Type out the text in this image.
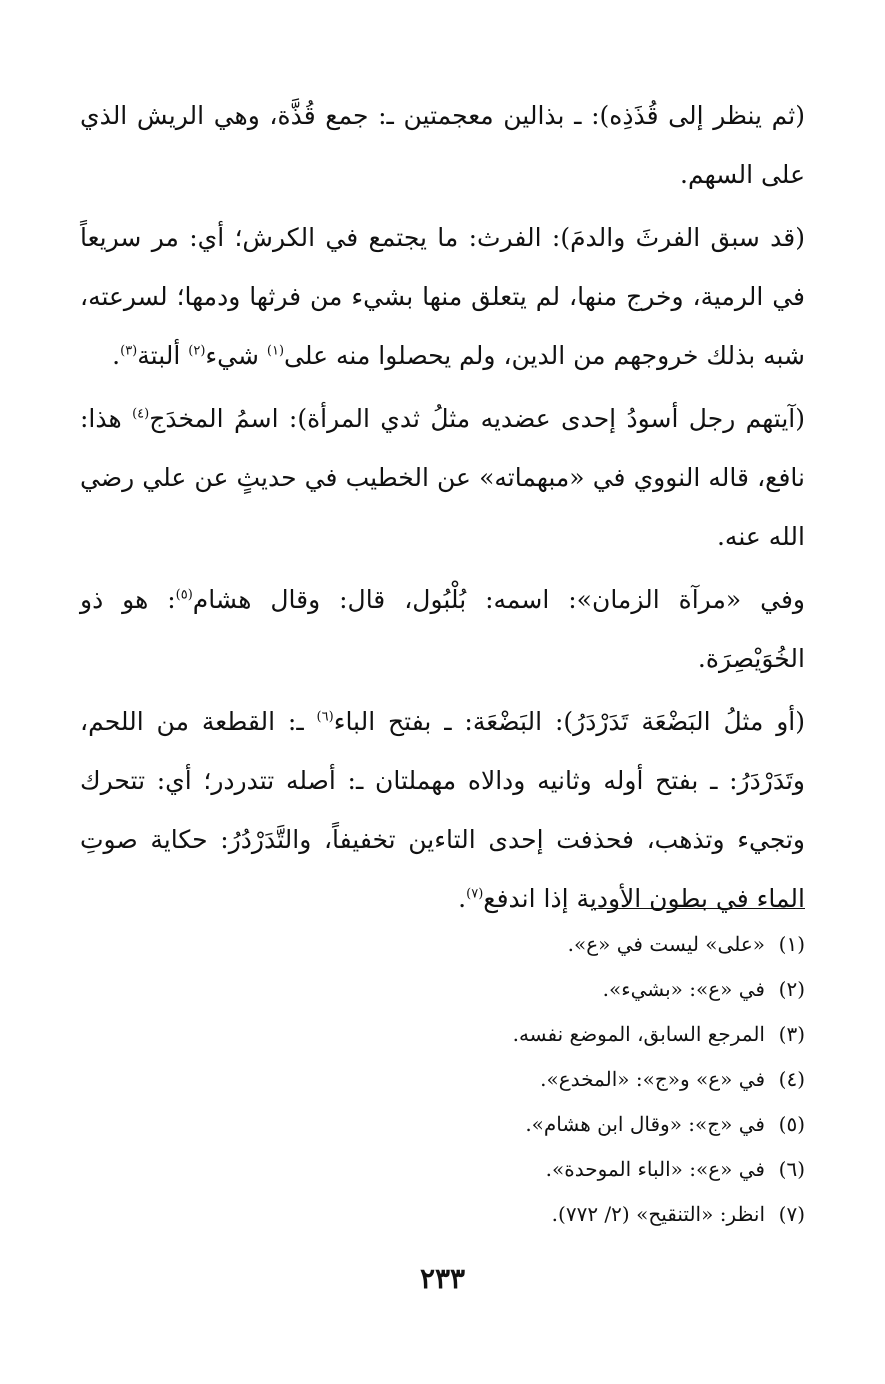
(ثم ينظر إلى قُذَذِه): ـ بذالين معجمتين ـ: جمع قُذَّة، وهي الريش الذي على السهم.

(قد سبق الفرثَ والدمَ): الفرث: ما يجتمع في الكرش؛ أي: مر سريعاً في الرمية، وخرج منها، لم يتعلق منها بشيء من فرثها ودمها؛ لسرعته، شبه بذلك خروجهم من الدين، ولم يحصلوا منه على$^{(١)}$ شيء$^{(٢)}$ ألبتة$^{(٣)}$.

(آيتهم رجل أسودُ إحدى عضديه مثلُ ثدي المرأة): اسمُ المخدَج$^{(٤)}$ هذا: نافع، قاله النووي في «مبهماته» عن الخطيب في حديثٍ عن علي رضي الله عنه.

وفي «مرآة الزمان»: اسمه: بُلْبُول، قال: وقال هشام$^{(٥)}$: هو ذو الخُوَيْصِرَة.

(أو مثلُ البَضْعَة تَدَرْدَرُ): البَضْعَة: ـ بفتح الباء$^{(٦)}$ ـ: القطعة من اللحم، وتَدَرْدَرُ: ـ بفتح أوله وثانيه ودالاه مهملتان ـ: أصله تتدردر؛ أي: تتحرك وتجيء وتذهب، فحذفت إحدى التاءين تخفيفاً، والتَّدَرْدُرُ: حكاية صوتِ الماء في بطون الأودية إذا اندفع$^{(٧)}$.

(١)«على» ليست في «ع».
(٢)في «ع»: «بشيء».
(٣)المرجع السابق، الموضع نفسه.
(٤)في «ع» و«ج»: «المخدع».
(٥)في «ج»: «وقال ابن هشام».
(٦)في «ع»: «الباء الموحدة».
(٧)انظر: «التنقيح» (٢/ ٧٧٢).
٢٣٣
